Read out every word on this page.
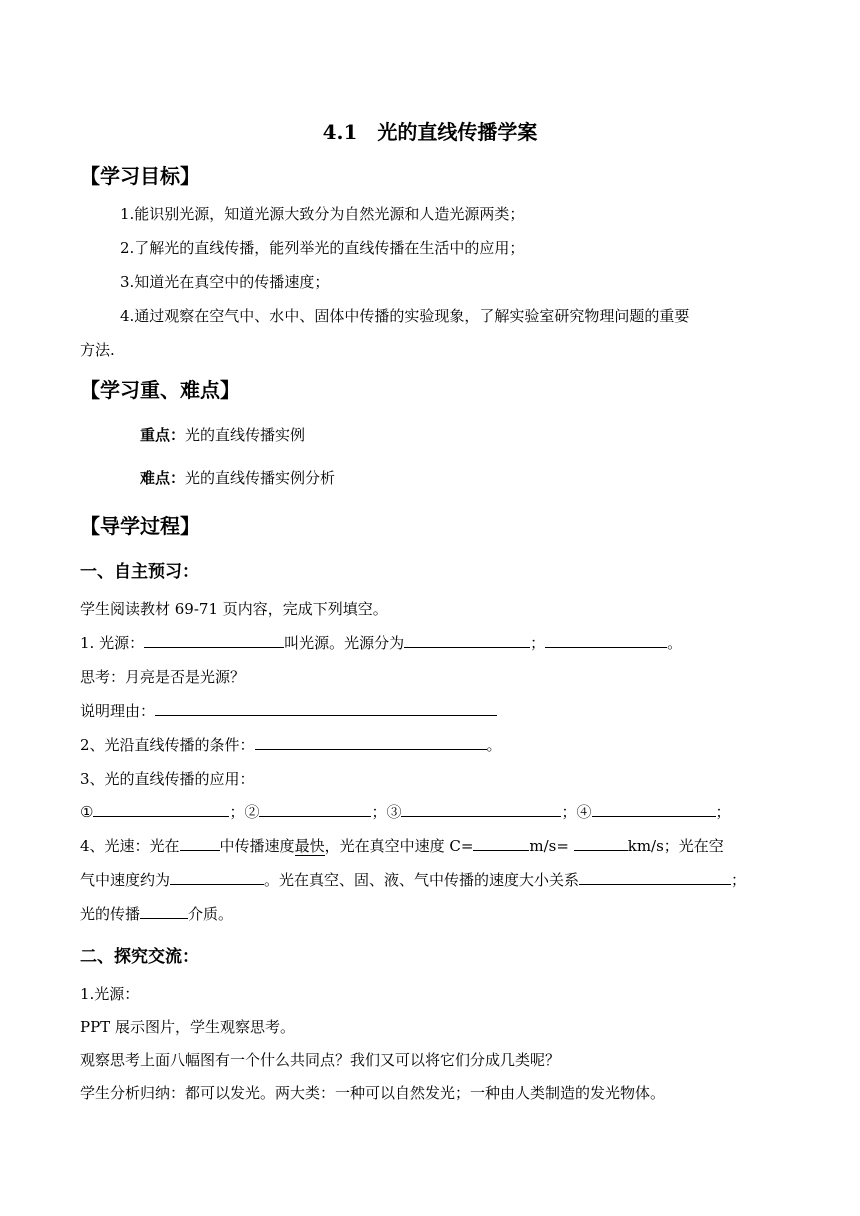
4.1　光的直线传播学案
【学习目标】
1.能识别光源，知道光源大致分为自然光源和人造光源两类；
2.了解光的直线传播，能列举光的直线传播在生活中的应用；
3.知道光在真空中的传播速度；
4.通过观察在空气中、水中、固体中传播的实验现象，了解实验室研究物理问题的重要
方法.
【学习重、难点】
重点：光的直线传播实例
难点：光的直线传播实例分析
【导学过程】
一、自主预习：
学生阅读教材 69-71 页内容，完成下列填空。
1. 光源：	叫光源。光源分为	；	。
思考：月亮是否是光源？
说明理由：
2、光沿直线传播的条件：	。
3、光的直线传播的应用：
①	；②	；③	；④	；
4、光速：光在	中传播速度最快，光在真空中速度 C=	m/s=	km/s；光在空
气中速度约为	。光在真空、固、液、气中传播的速度大小关系	；
光的传播	介质。
二、探究交流：
1.光源：
PPT 展示图片，学生观察思考。
观察思考上面八幅图有一个什么共同点？我们又可以将它们分成几类呢？
学生分析归纳：都可以发光。两大类：一种可以自然发光；一种由人类制造的发光物体。
